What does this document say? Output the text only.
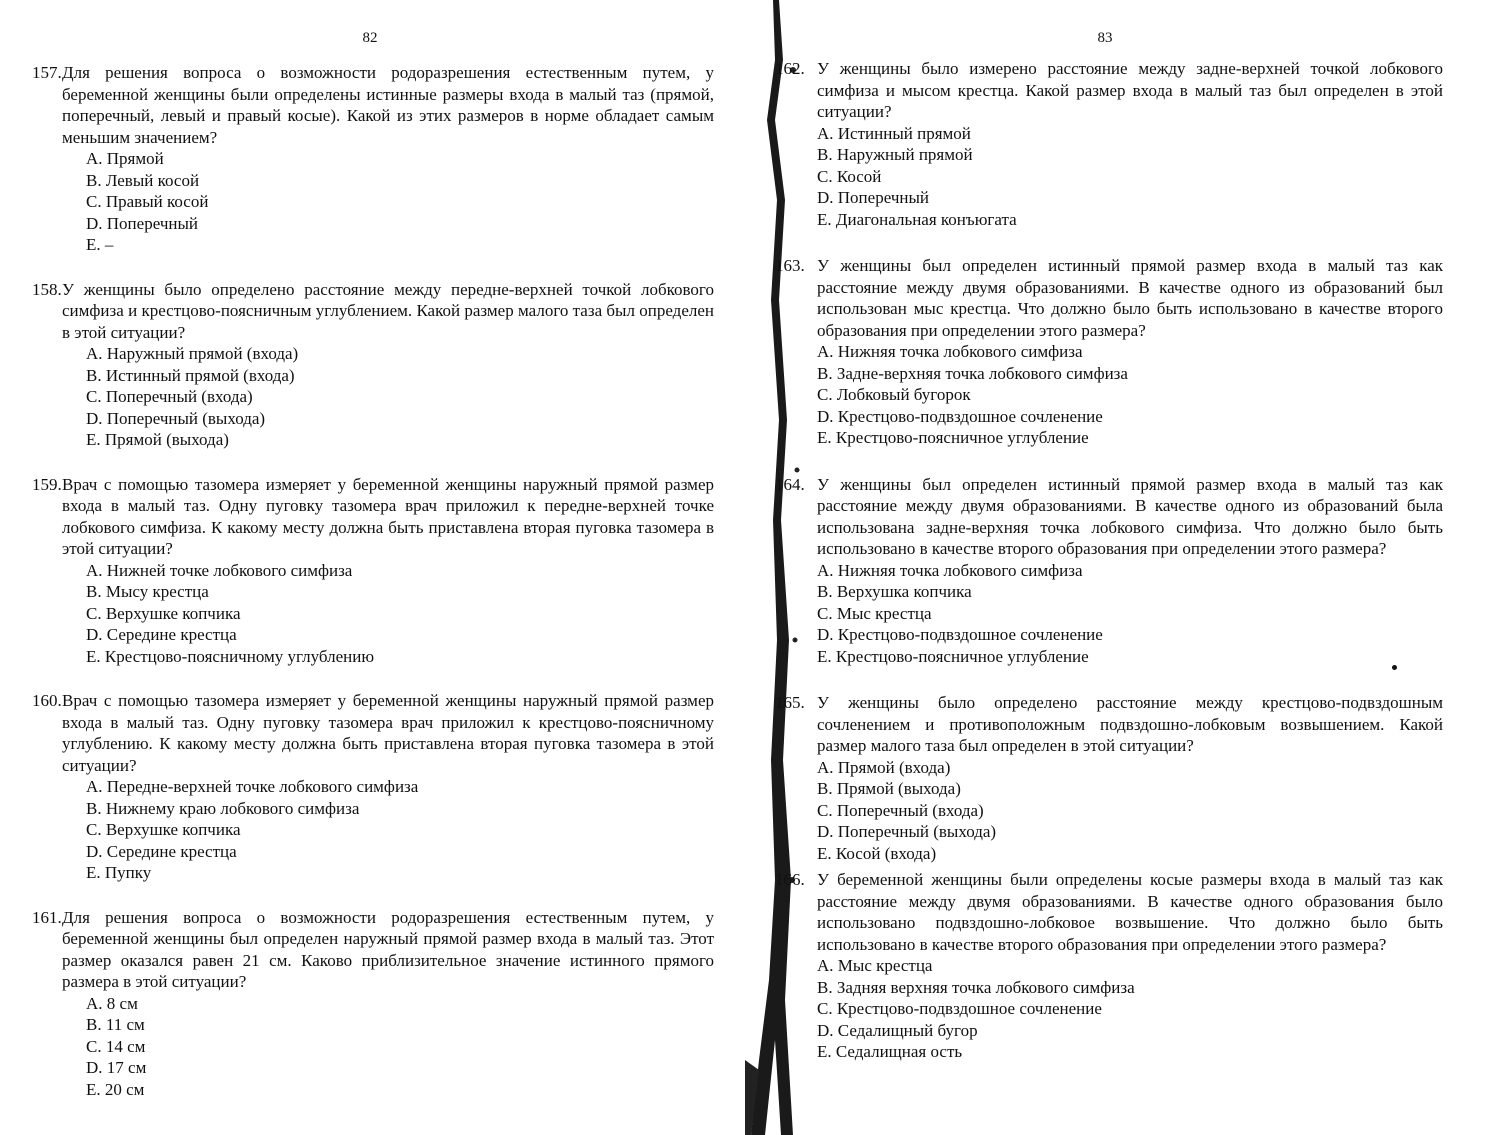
82
157. Для решения вопроса о возможности родоразрешения естественным путем, у беременной женщины были определены истинные размеры входа в малый таз (прямой, поперечный, левый и правый косые). Какой из этих размеров в норме обладает самым меньшим значением?
A. Прямой
B. Левый косой
C. Правый косой
D. Поперечный
E. –
158. У женщины было определено расстояние между передне-верхней точкой лобкового симфиза и крестцово-поясничным углублением. Какой размер малого таза был определен в этой ситуации?
A. Наружный прямой (входа)
B. Истинный прямой (входа)
C. Поперечный (входа)
D. Поперечный (выхода)
E. Прямой (выхода)
159. Врач с помощью тазомера измеряет у беременной женщины наружный прямой размер входа в малый таз. Одну пуговку тазомера врач приложил к передне-верхней точке лобкового симфиза. К какому месту должна быть приставлена вторая пуговка тазомера в этой ситуации?
A. Нижней точке лобкового симфиза
B. Мысу крестца
C. Верхушке копчика
D. Середине крестца
E. Крестцово-поясничному углублению
160. Врач с помощью тазомера измеряет у беременной женщины наружный прямой размер входа в малый таз. Одну пуговку тазомера врач приложил к крестцово-поясничному углублению. К какому месту должна быть приставлена вторая пуговка тазомера в этой ситуации?
A. Передне-верхней точке лобкового симфиза
B. Нижнему краю лобкового симфиза
C. Верхушке копчика
D. Середине крестца
E. Пупку
161. Для решения вопроса о возможности родоразрешения естественным путем, у беременной женщины был определен наружный прямой размер входа в малый таз. Этот размер оказался равен 21 см. Каково приблизительное значение истинного прямого размера в этой ситуации?
A. 8 см
B. 11 см
C. 14 см
D. 17 см
E. 20 см
83
162. У женщины было измерено расстояние между задне-верхней точкой лобкового симфиза и мысом крестца. Какой размер входа в малый таз был определен в этой ситуации?
A. Истинный прямой
B. Наружный прямой
C. Косой
D. Поперечный
E. Диагональная конъюгата
163. У женщины был определен истинный прямой размер входа в малый таз как расстояние между двумя образованиями. В качестве одного из образований был использован мыс крестца. Что должно было быть использовано в качестве второго образования при определении этого размера?
A. Нижняя точка лобкового симфиза
B. Задне-верхняя точка лобкового симфиза
C. Лобковый бугорок
D. Крестцово-подвздошное сочленение
E. Крестцово-поясничное углубление
164. У женщины был определен истинный прямой размер входа в малый таз как расстояние между двумя образованиями. В качестве одного из образований была использована задне-верхняя точка лобкового симфиза. Что должно было быть использовано в качестве второго образования при определении этого размера?
A. Нижняя точка лобкового симфиза
B. Верхушка копчика
C. Мыс крестца
D. Крестцово-подвздошное сочленение
E. Крестцово-поясничное углубление
165. У женщины было определено расстояние между крестцово-подвздошным сочленением и противоположным подвздошно-лобковым возвышением. Какой размер малого таза был определен в этой ситуации?
A. Прямой (входа)
B. Прямой (выхода)
C. Поперечный (входа)
D. Поперечный (выхода)
E. Косой (входа)
166. У беременной женщины были определены косые размеры входа в малый таз как расстояние между двумя образованиями. В качестве одного образования было использовано подвздошно-лобковое возвышение. Что должно было быть использовано в качестве второго образования при определении этого размера?
A. Мыс крестца
B. Задняя верхняя точка лобкового симфиза
C. Крестцово-подвздошное сочленение
D. Седалищный бугор
E. Седалищная ость
